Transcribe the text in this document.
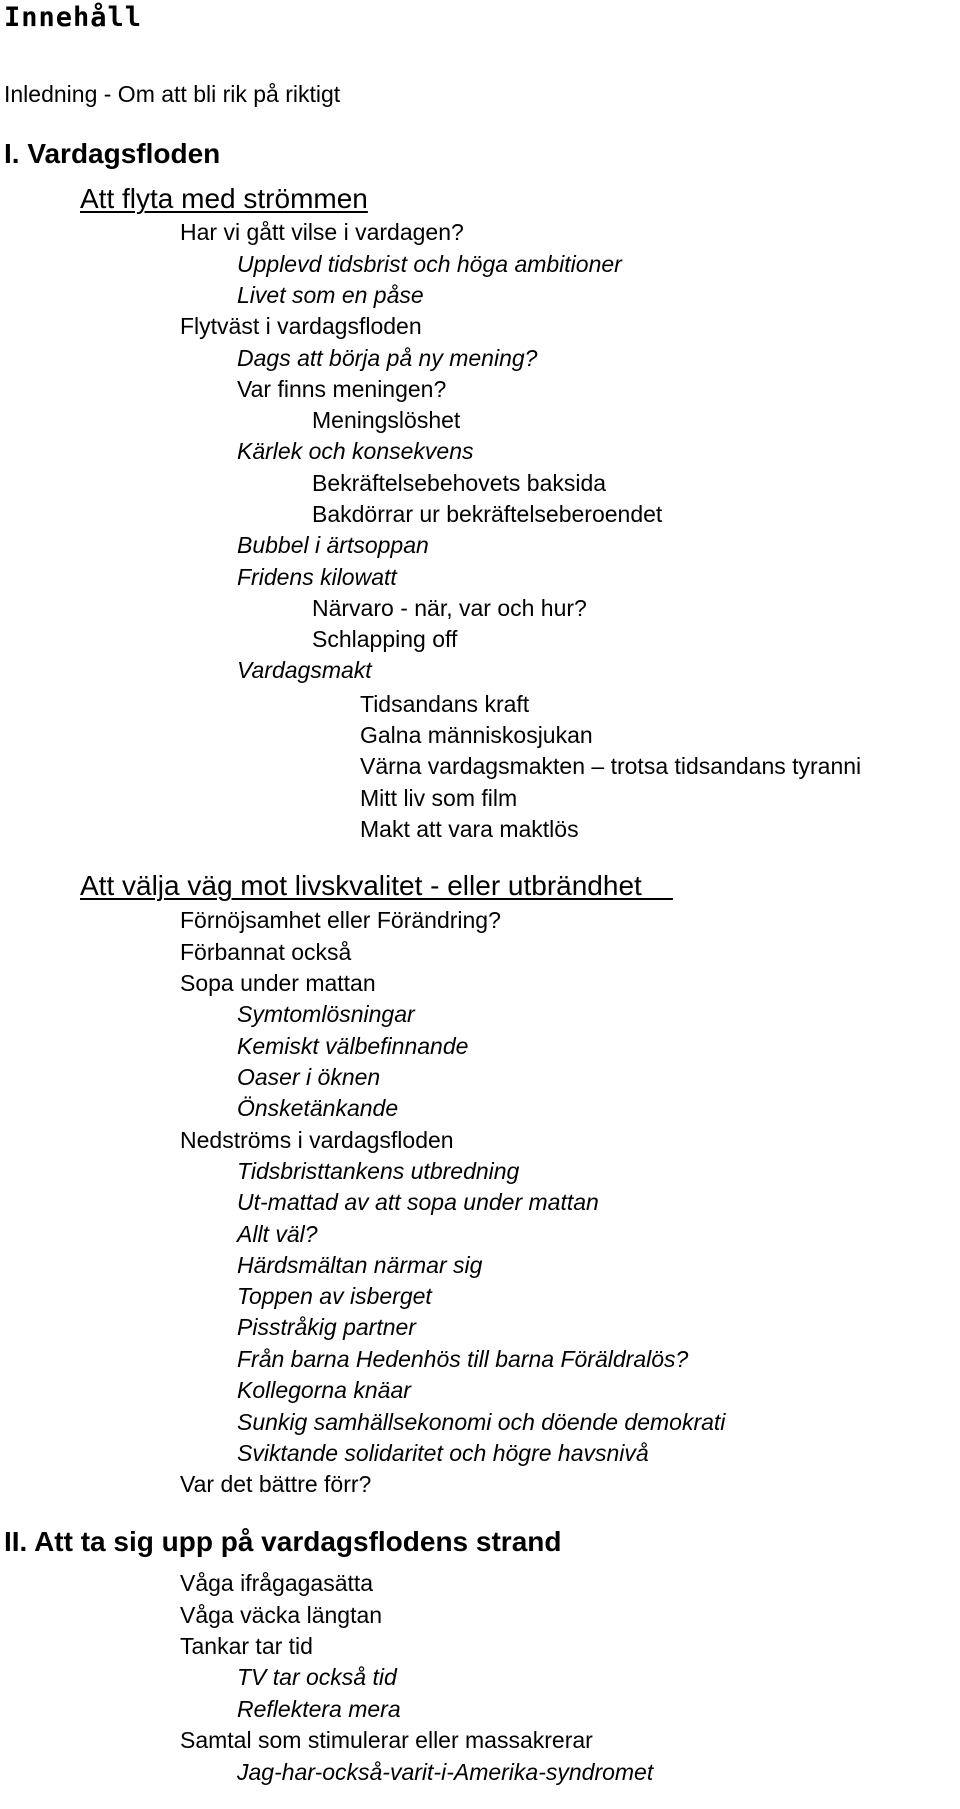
Innehåll
Inledning - Om att bli rik på riktigt
I. Vardagsfloden
Att flyta med strömmen
Har vi gått vilse i vardagen?
Upplevd tidsbrist och höga ambitioner
Livet som en påse
Flytväst i vardagsfloden
Dags att börja på ny mening?
Var finns meningen?
Meningslöshet
Kärlek och konsekvens
Bekräftelsebehovets baksida
Bakdörrar ur bekräftelseberoendet
Bubbel i ärtsoppan
Fridens kilowatt
Närvaro - när, var och hur?
Schlapping off
Vardagsmakt
Tidsandans kraft
Galna människosjukan
Värna vardagsmakten – trotsa tidsandans tyranni
Mitt liv som film
Makt att vara maktlös
Att välja väg mot livskvalitet - eller utbrändhet
Förnöjsamhet eller Förändring?
Förbannat också
Sopa under mattan
Symtomlösningar
Kemiskt välbefinnande
Oaser i öknen
Önsketänkande
Nedströms i vardagsfloden
Tidsbristtankens utbredning
Ut-mattad av att sopa under mattan
Allt väl?
Härdsmältan närmar sig
Toppen av isberget
Pisstråkig partner
Från barna Hedenhös till barna Föräldralös?
Kollegorna knäar
Sunkig samhällsekonomi och döende demokrati
Sviktande solidaritet och högre havsnivå
Var det bättre förr?
II. Att ta sig upp på vardagsflodens strand
Våga ifrågagasätta
Våga väcka längtan
Tankar tar tid
TV tar också tid
Reflektera mera
Samtal som stimulerar eller massakrerar
Jag-har-också-varit-i-Amerika-syndromet
